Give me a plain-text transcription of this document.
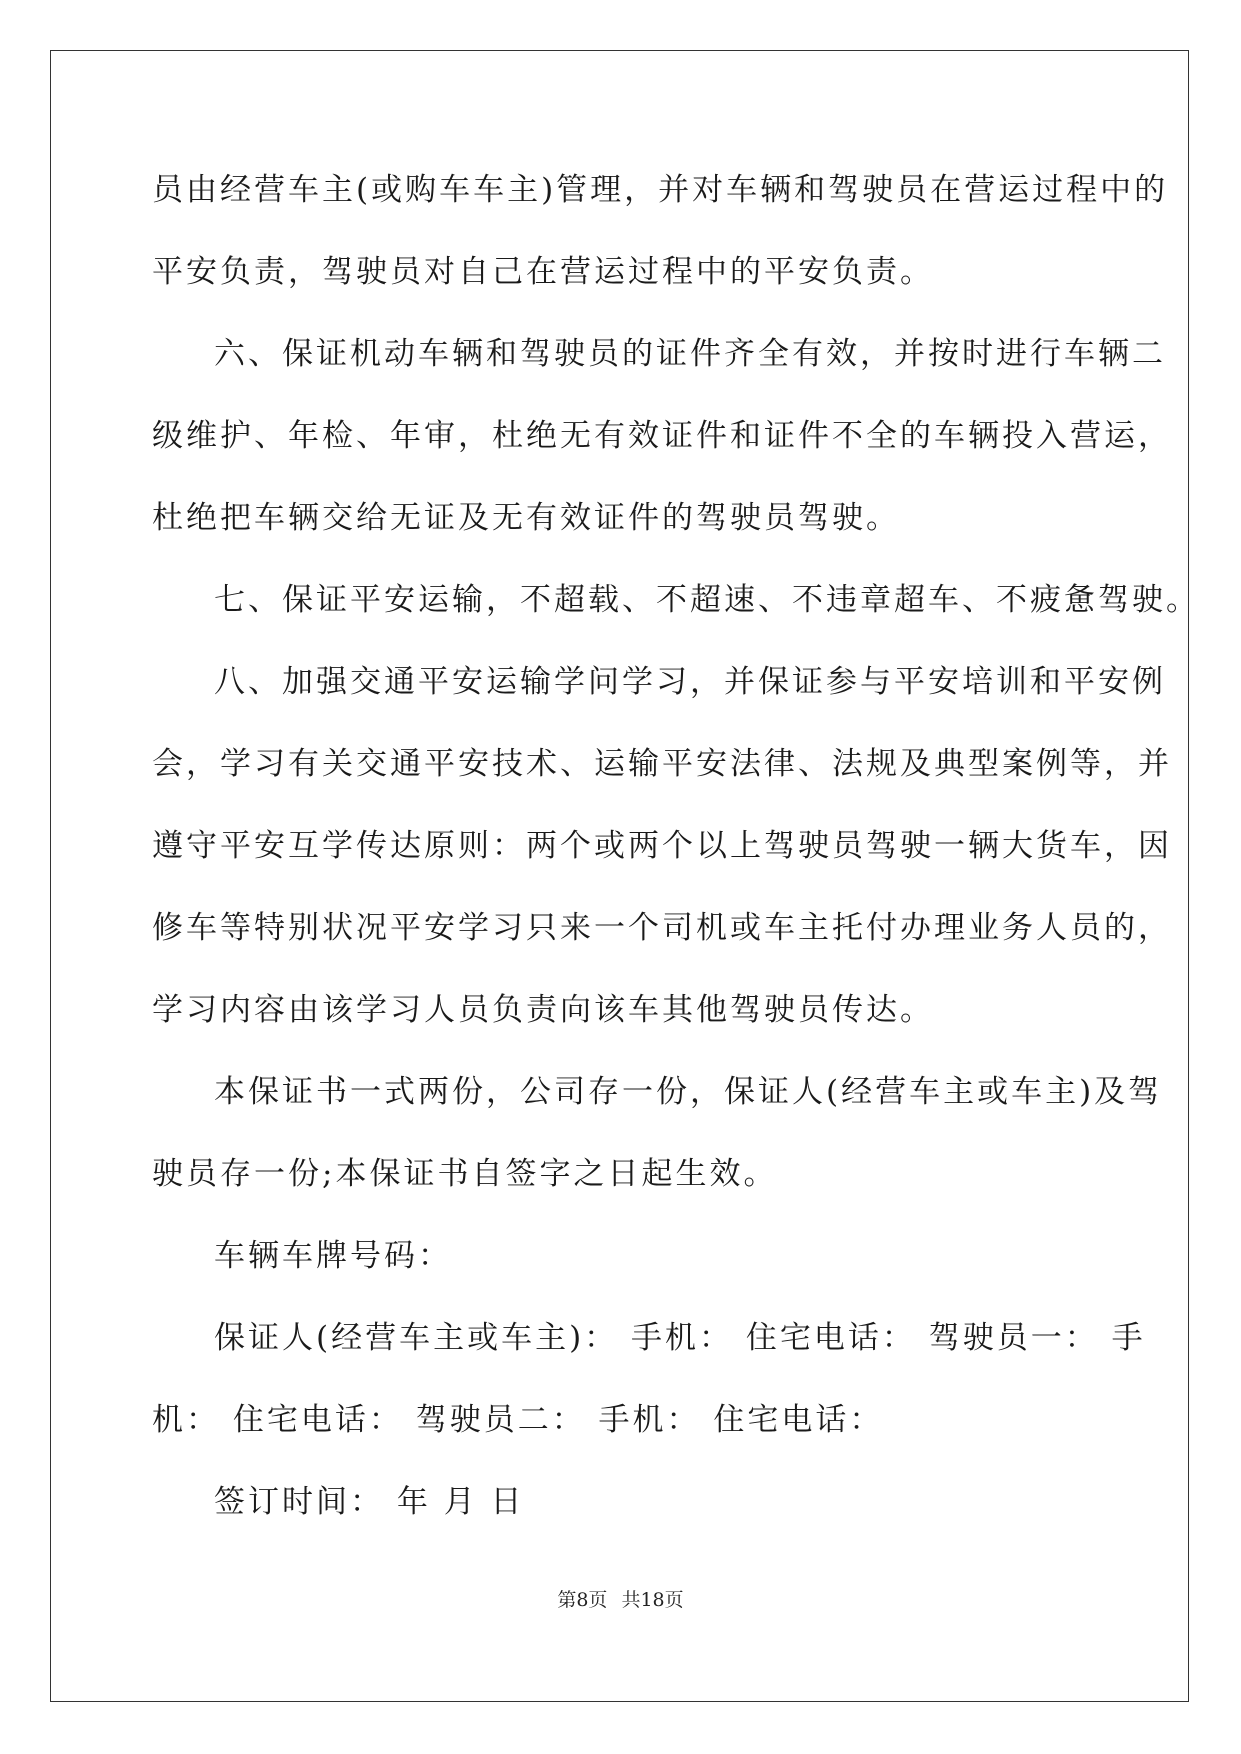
员由经营车主(或购车车主)管理，并对车辆和驾驶员在营运过程中的
平安负责，驾驶员对自己在营运过程中的平安负责。
六、保证机动车辆和驾驶员的证件齐全有效，并按时进行车辆二
级维护、年检、年审，杜绝无有效证件和证件不全的车辆投入营运，
杜绝把车辆交给无证及无有效证件的驾驶员驾驶。
七、保证平安运输，不超载、不超速、不违章超车、不疲惫驾驶。
八、加强交通平安运输学问学习，并保证参与平安培训和平安例
会，学习有关交通平安技术、运输平安法律、法规及典型案例等，并
遵守平安互学传达原则：两个或两个以上驾驶员驾驶一辆大货车，因
修车等特别状况平安学习只来一个司机或车主托付办理业务人员的，
学习内容由该学习人员负责向该车其他驾驶员传达。
本保证书一式两份，公司存一份，保证人(经营车主或车主)及驾
驶员存一份;本保证书自签字之日起生效。
车辆车牌号码：
保证人(经营车主或车主)： 手机： 住宅电话： 驾驶员一： 手
机： 住宅电话： 驾驶员二： 手机： 住宅电话：
签订时间： 年 月 日
第8页 共18页
